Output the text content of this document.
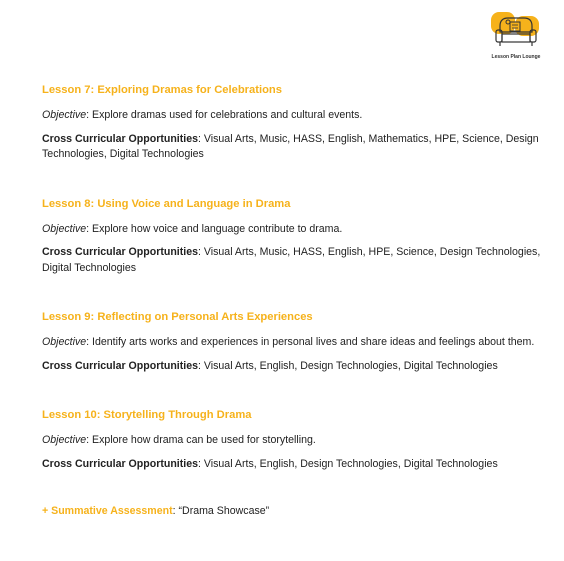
Lesson Plan Lounge
Lesson 7: Exploring Dramas for Celebrations
Objective: Explore dramas used for celebrations and cultural events.
Cross Curricular Opportunities: Visual Arts, Music, HASS, English, Mathematics, HPE, Science, Design Technologies, Digital Technologies
Lesson 8: Using Voice and Language in Drama
Objective: Explore how voice and language contribute to drama.
Cross Curricular Opportunities: Visual Arts, Music, HASS, English, HPE, Science, Design Technologies, Digital Technologies
Lesson 9: Reflecting on Personal Arts Experiences
Objective: Identify arts works and experiences in personal lives and share ideas and feelings about them.
Cross Curricular Opportunities: Visual Arts, English, Design Technologies, Digital Technologies
Lesson 10: Storytelling Through Drama
Objective: Explore how drama can be used for storytelling.
Cross Curricular Opportunities: Visual Arts, English, Design Technologies, Digital Technologies
+ Summative Assessment: “Drama Showcase”
